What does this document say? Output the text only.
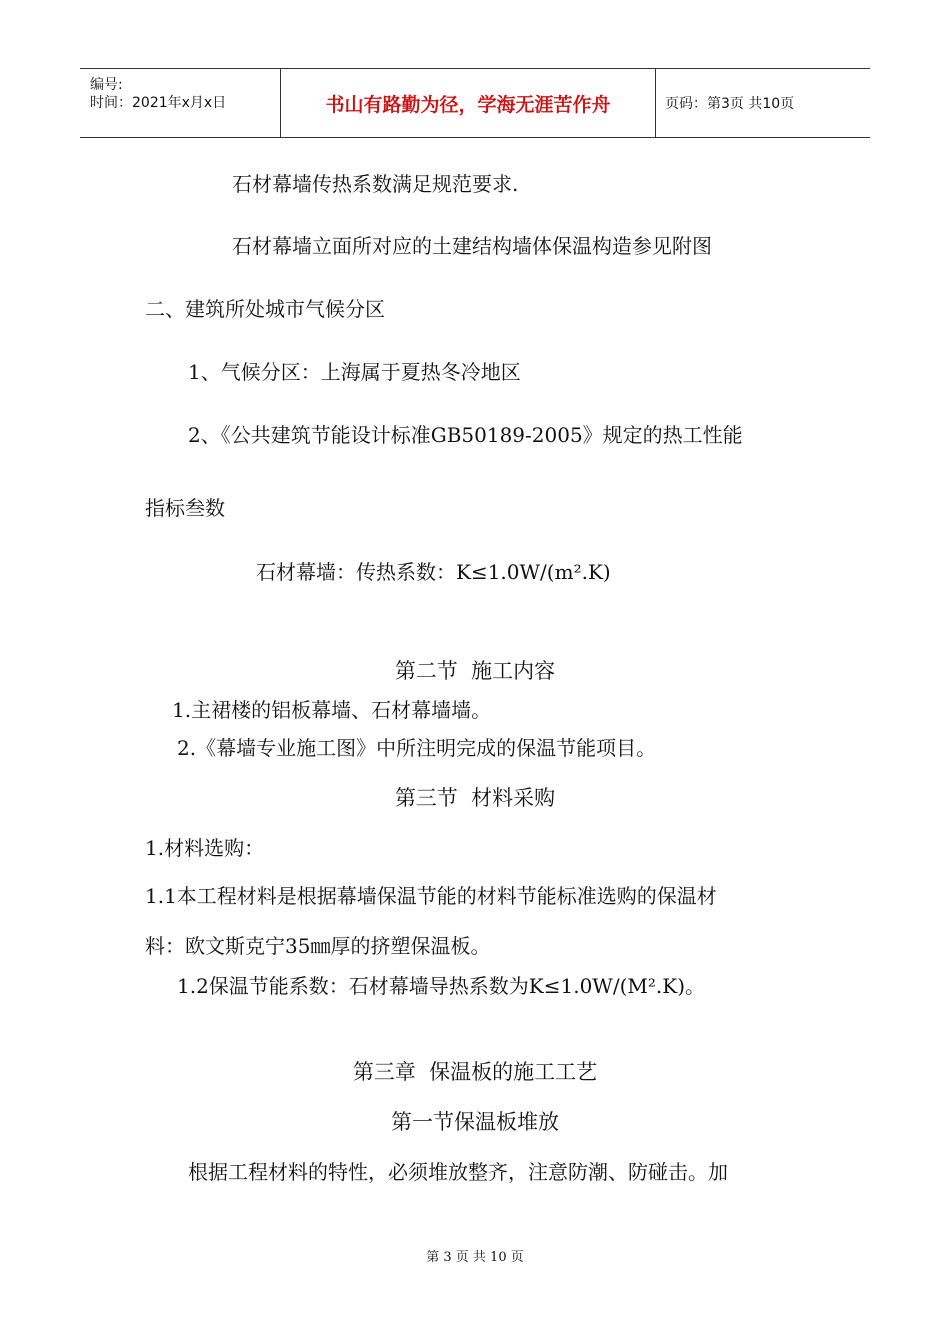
编号:
时间：2021年x月x日	书山有路勤为径，学海无涯苦作舟	页码：第3页 共10页
石材幕墙传热系数满足规范要求.
石材幕墙立面所对应的土建结构墙体保温构造参见附图
二、建筑所处城市气候分区
1、气候分区：上海属于夏热冬冷地区
2、《公共建筑节能设计标准GB50189-2005》规定的热工性能
指标叁数
石材幕墙：传热系数：K≤1.0W/(m².K)
第二节  施工内容
1.主裙楼的铝板幕墙、石材幕墙墙。
2.《幕墙专业施工图》中所注明完成的保温节能项目。
第三节  材料采购
1.材料选购：
1.1本工程材料是根据幕墙保温节能的材料节能标准选购的保温材
料：欧文斯克宁35㎜厚的挤塑保温板。
1.2保温节能系数：石材幕墙导热系数为K≤1.0W/(M².K)。
第三章  保温板的施工工艺
第一节保温板堆放
根据工程材料的特性，必须堆放整齐，注意防潮、防碰击。加
第 3 页 共 10 页
